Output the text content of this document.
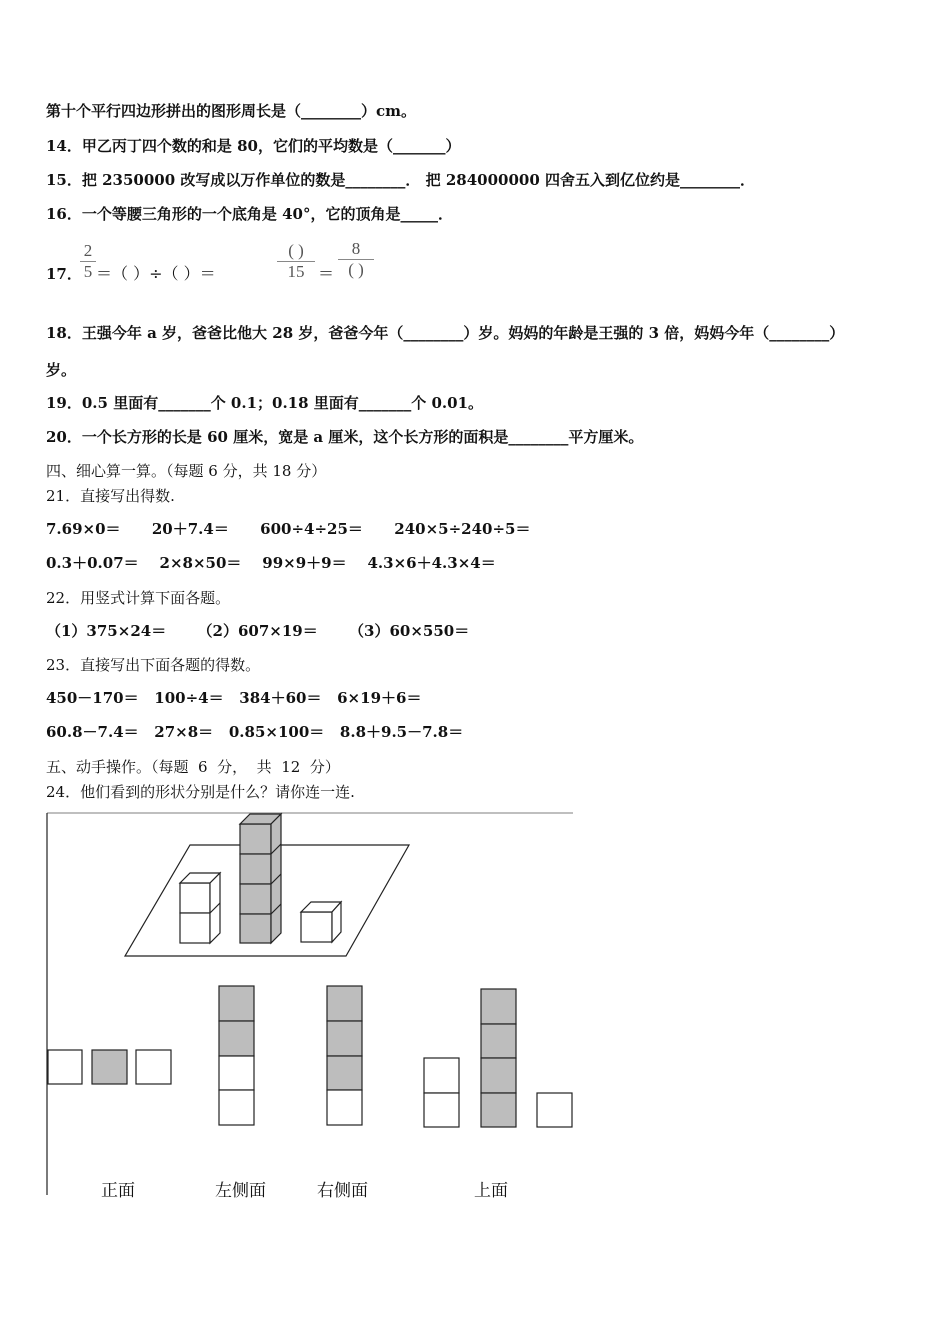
第十个平行四边形拼出的图形周长是（________）cm。
14．甲乙丙丁四个数的和是 80，它们的平均数是（_______）
15．把 2350000 改写成以万作单位的数是________． 把 284000000 四舍五入到亿位约是________．
16．一个等腰三角形的一个底角是 40°，它的顶角是_____．
17．
2
5 ＝（ ）÷（ ）＝
( )
15 ＝
8
( )
18．王强今年 a 岁，爸爸比他大 28 岁，爸爸今年（________）岁。妈妈的年龄是王强的 3 倍，妈妈今年（________）
岁。
19．0.5 里面有_______个 0.1；0.18 里面有_______个 0.01。
20．一个长方形的长是 60 厘米，宽是 a 厘米，这个长方形的面积是________平方厘米。
四、细心算一算。（每题 6 分，共 18 分）
21．直接写出得数.
7.69×0＝      20＋7.4＝      600÷4÷25＝      240×5÷240÷5＝
0.3＋0.07＝    2×8×50＝    99×9＋9＝    4.3×6＋4.3×4＝
22．用竖式计算下面各题。
（1）375×24＝      （2）607×19＝      （3）60×550＝
23．直接写出下面各题的得数。
450－170＝   100÷4＝   384＋60＝   6×19＋6＝
60.8－7.4＝   27×8＝   0.85×100＝   8.8＋9.5－7.8＝
五、动手操作。（每题  6  分，  共  12  分）
24．他们看到的形状分别是什么？请你连一连.
正面	左侧面	右侧面	上面
